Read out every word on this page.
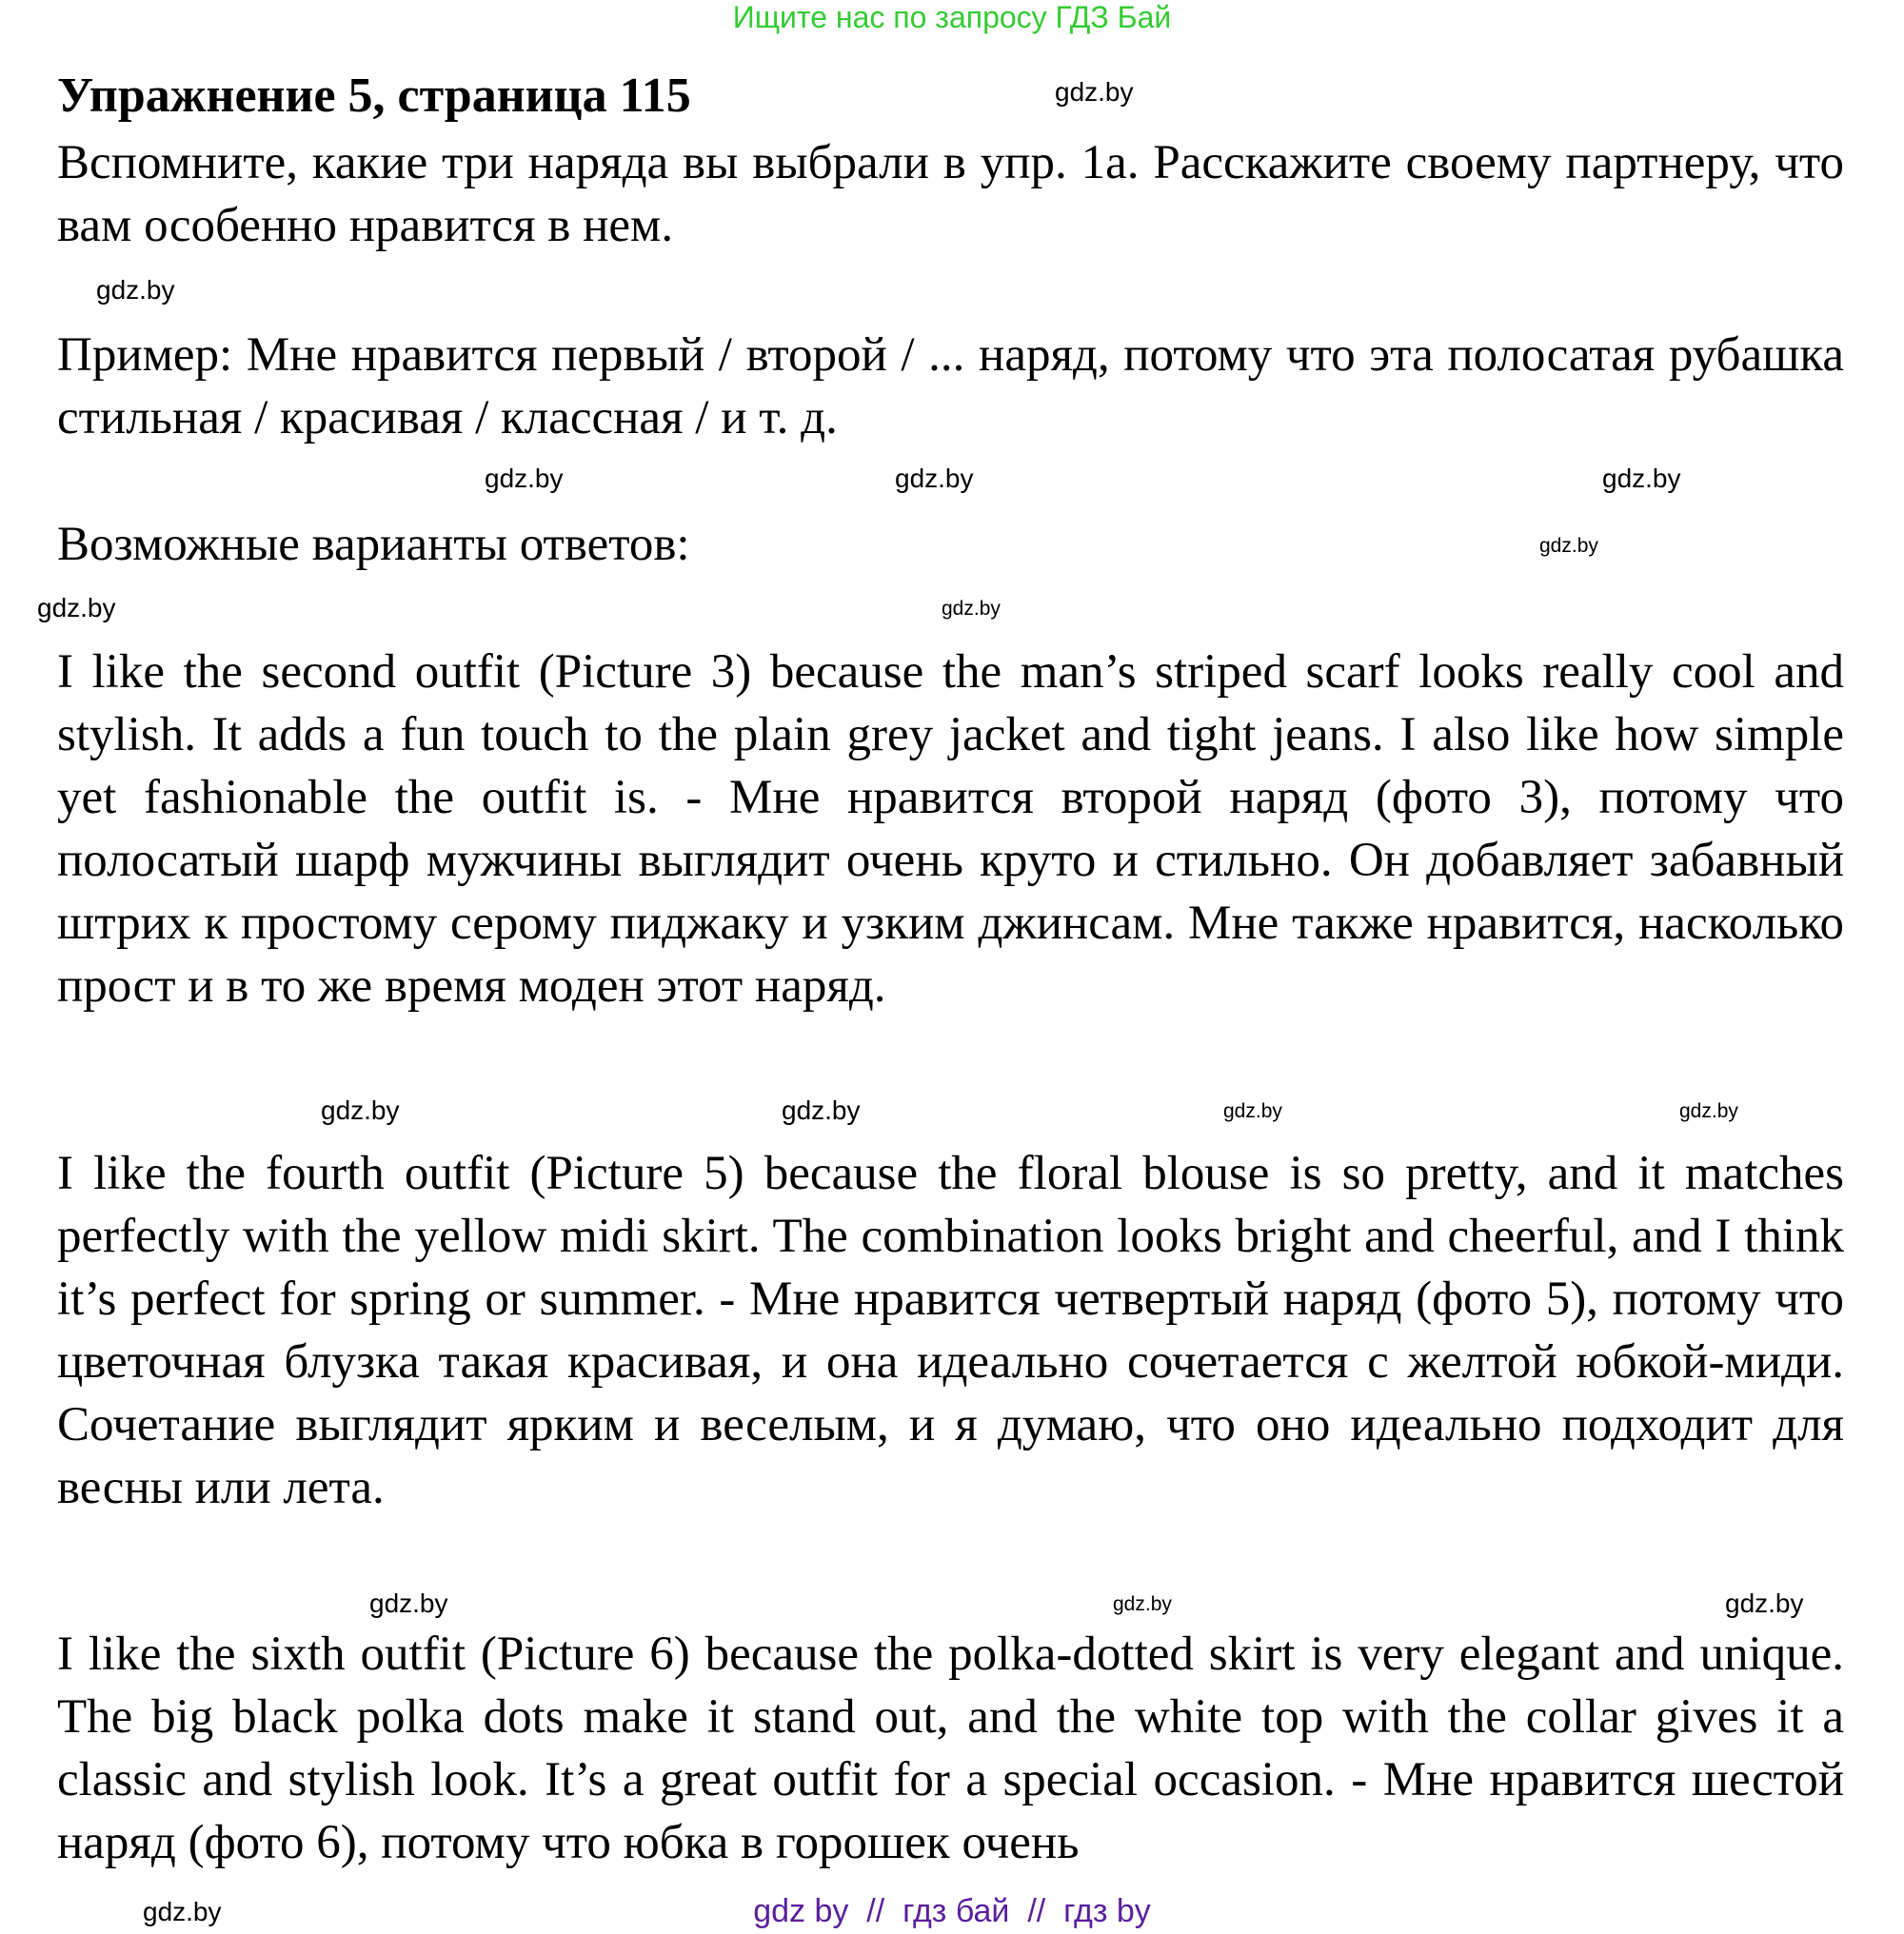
Ищите нас по запросу ГДЗ Бай
Упражнение 5, страница 115
Вспомните, какие три наряда вы выбрали в упр. 1а. Расскажите своему партнеру, что вам особенно нравится в нем.
Пример: Мне нравится первый / второй / ... наряд, потому что эта полосатая рубашка стильная / красивая / классная / и т. д.
Возможные варианты ответов:
I like the second outfit (Picture 3) because the man’s striped scarf looks really cool and stylish. It adds a fun touch to the plain grey jacket and tight jeans. I also like how simple yet fashionable the outfit is. - Мне нравится второй наряд (фото 3), потому что полосатый шарф мужчины выглядит очень круто и стильно. Он добавляет забавный штрих к простому серому пиджаку и узким джинсам. Мне также нравится, насколько прост и в то же время моден этот наряд.
I like the fourth outfit (Picture 5) because the floral blouse is so pretty, and it matches perfectly with the yellow midi skirt. The combination looks bright and cheerful, and I think it’s perfect for spring or summer. - Мне нравится четвертый наряд (фото 5), потому что цветочная блузка такая красивая, и она идеально сочетается с желтой юбкой-миди. Сочетание выглядит ярким и веселым, и я думаю, что оно идеально подходит для весны или лета.
I like the sixth outfit (Picture 6) because the polka-dotted skirt is very elegant and unique. The big black polka dots make it stand out, and the white top with the collar gives it a classic and stylish look. It’s a great outfit for a special occasion. - Мне нравится шестой наряд (фото 6), потому что юбка в горошек очень
gdz.by
gdz.by
gdz.by
gdz.by	gdz.by
gdz.by
gdz.by	gdz.by
gdz.by
gdz.by	gdz.by	gdz.by
gdz.by
gdz.by	gdz.by
gdz.by	gdz by  //  гдз бай  //  гдз by
